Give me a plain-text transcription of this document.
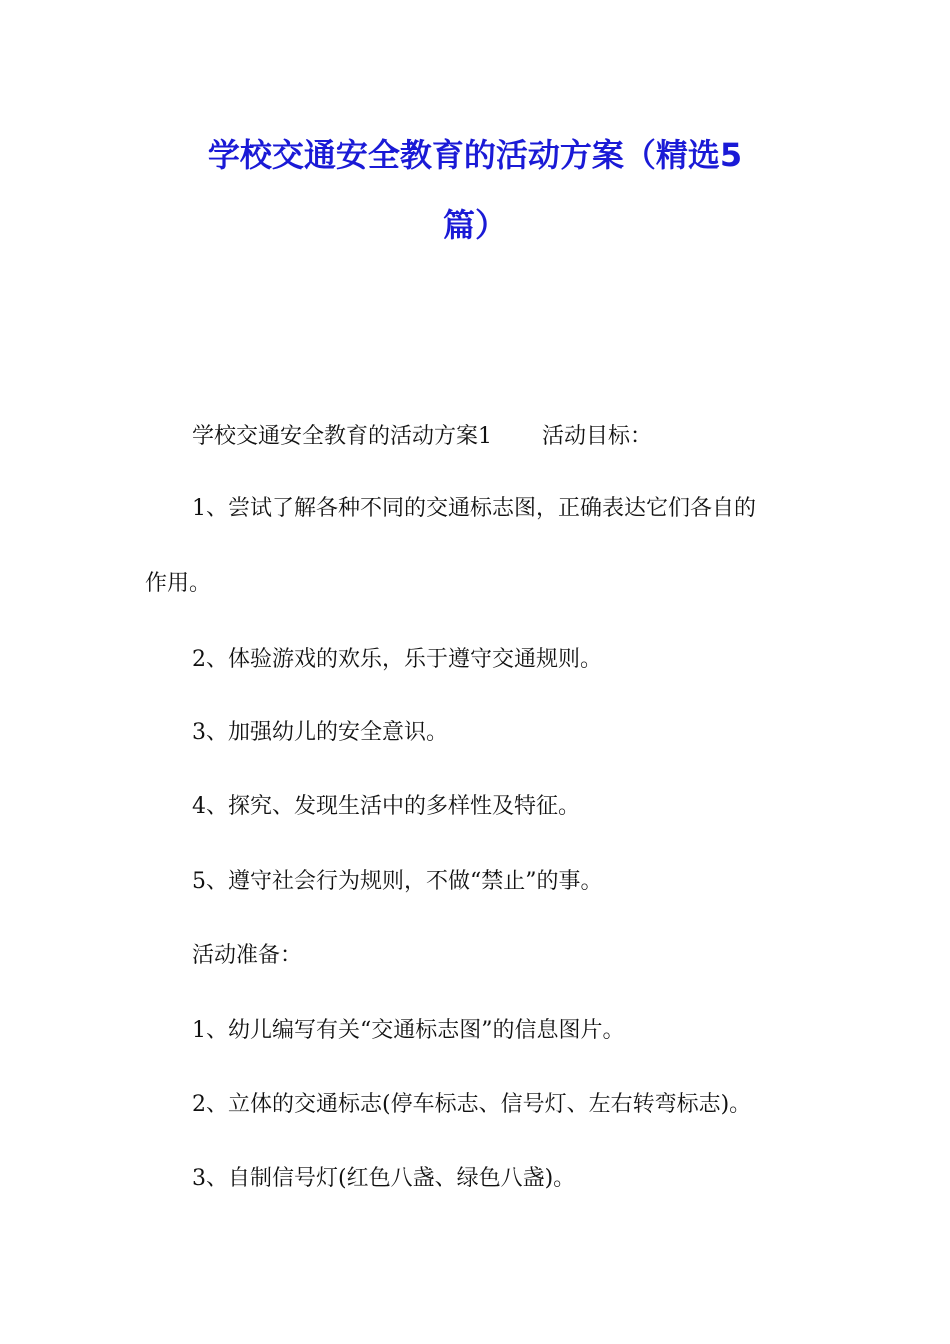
学校交通安全教育的活动方案（精选5
篇）

学校交通安全教育的活动方案1 活动目标：

1、尝试了解各种不同的交通标志图，正确表达它们各自的

作用。

2、体验游戏的欢乐，乐于遵守交通规则。

3、加强幼儿的安全意识。

4、探究、发现生活中的多样性及特征。

5、遵守社会行为规则，不做“禁止”的事。

活动准备：

1、幼儿编写有关“交通标志图”的信息图片。

2、立体的交通标志(停车标志、信号灯、左右转弯标志)。

3、自制信号灯(红色八盏、绿色八盏)。
